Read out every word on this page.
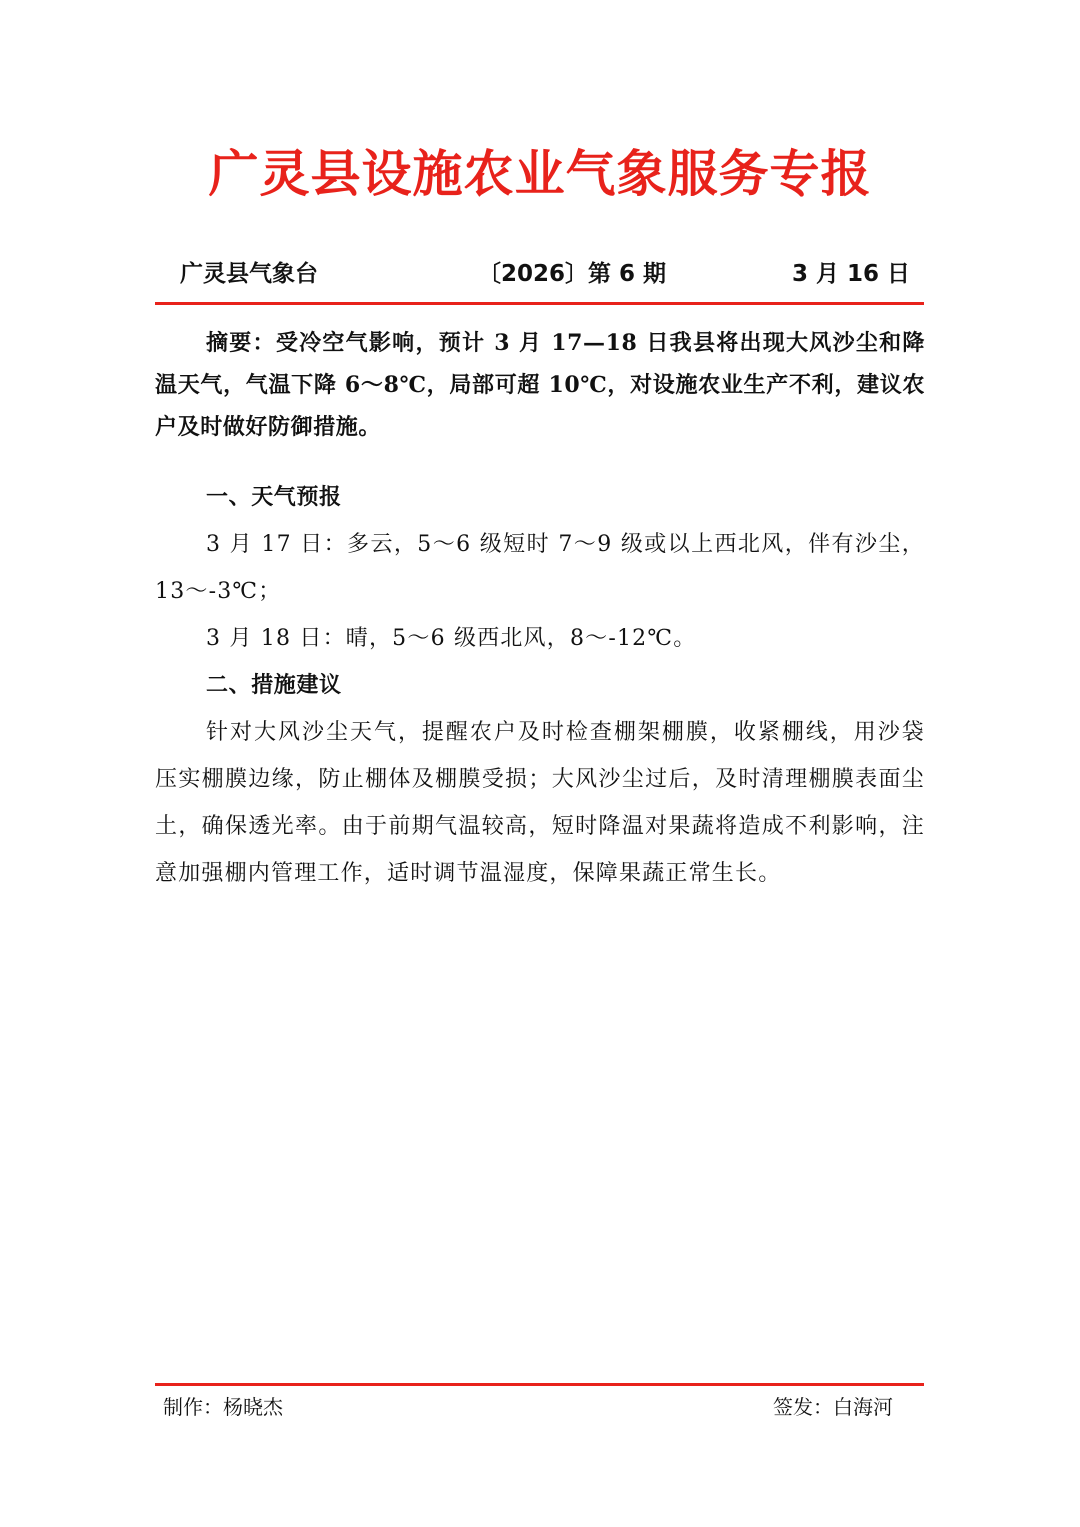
广灵县设施农业气象服务专报
广灵县气象台	〔2026〕第 6 期	3 月 16 日

摘要：受冷空气影响，预计 3 月 17—18 日我县将出现大风沙尘和降温天气，气温下降 6～8℃，局部可超 10℃，对设施农业生产不利，建议农户及时做好防御措施。

一、天气预报

3 月 17 日：多云，5～6 级短时 7～9 级或以上西北风，伴有沙尘，13～-3℃；

3 月 18 日：晴，5～6 级西北风，8～-12℃。

二、措施建议

针对大风沙尘天气，提醒农户及时检查棚架棚膜，收紧棚线，用沙袋压实棚膜边缘，防止棚体及棚膜受损；大风沙尘过后，及时清理棚膜表面尘土，确保透光率。由于前期气温较高，短时降温对果蔬将造成不利影响，注意加强棚内管理工作，适时调节温湿度，保障果蔬正常生长。

制作：杨晓杰	签发：白海河
